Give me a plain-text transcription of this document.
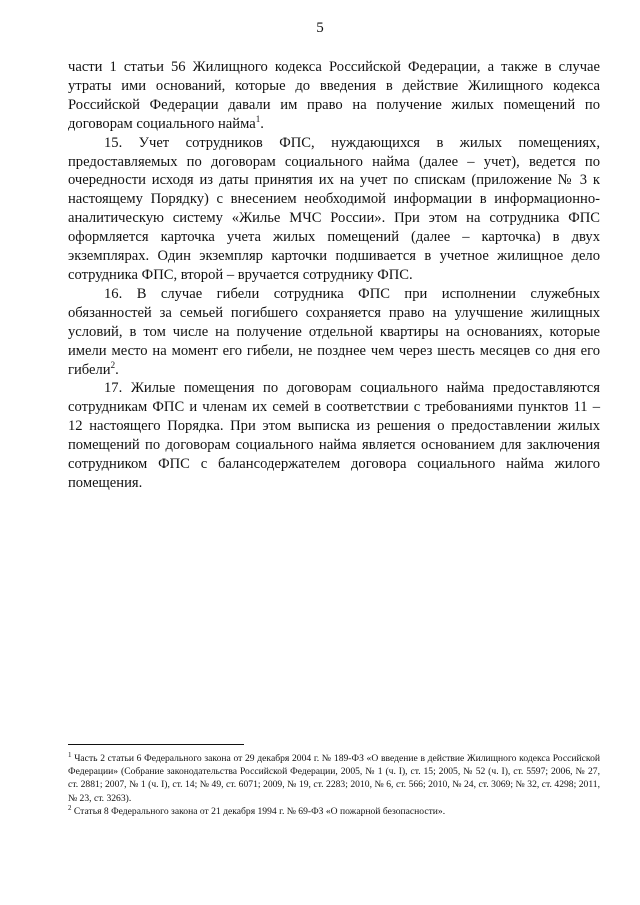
5

части 1 статьи 56 Жилищного кодекса Российской Федерации, а также в случае утраты ими оснований, которые до введения в действие Жилищного кодекса Российской Федерации давали им право на получение жилых помещений по договорам социального найма$^1$.

15. Учет сотрудников ФПС, нуждающихся в жилых помещениях, предоставляемых по договорам социального найма (далее – учет), ведется по очередности исходя из даты принятия их на учет по спискам (приложение № 3 к настоящему Порядку) с внесением необходимой информации в информационно-аналитическую систему «Жилье МЧС России». При этом на сотрудника ФПС оформляется карточка учета жилых помещений (далее – карточка) в двух экземплярах. Один экземпляр карточки подшивается в учетное жилищное дело сотрудника ФПС, второй – вручается сотруднику ФПС.

16. В случае гибели сотрудника ФПС при исполнении служебных обязанностей за семьей погибшего сохраняется право на улучшение жилищных условий, в том числе на получение отдельной квартиры на основаниях, которые имели место на момент его гибели, не позднее чем через шесть месяцев со дня его гибели$^2$.

17. Жилые помещения по договорам социального найма предоставляются сотрудникам ФПС и членам их семей в соответствии с требованиями пунктов 11 – 12 настоящего Порядка. При этом выписка из решения о предоставлении жилых помещений по договорам социального найма является основанием для заключения сотрудником ФПС с балансодержателем договора социального найма жилого помещения.

$^1$ Часть 2 статьи 6 Федерального закона от 29 декабря 2004 г. № 189-ФЗ «О введение в действие Жилищного кодекса Российской Федерации» (Собрание законодательства Российской Федерации, 2005, № 1 (ч. I), ст. 15; 2005, № 52 (ч. I), ст. 5597; 2006, № 27, ст. 2881; 2007, № 1 (ч. I), ст. 14; № 49, ст. 6071; 2009, № 19, ст. 2283; 2010, № 6, ст. 566; 2010, № 24, ст. 3069; № 32, ст. 4298; 2011, № 23, ст. 3263).

$^2$ Статья 8 Федерального закона от 21 декабря 1994 г. № 69-ФЗ «О пожарной безопасности».
